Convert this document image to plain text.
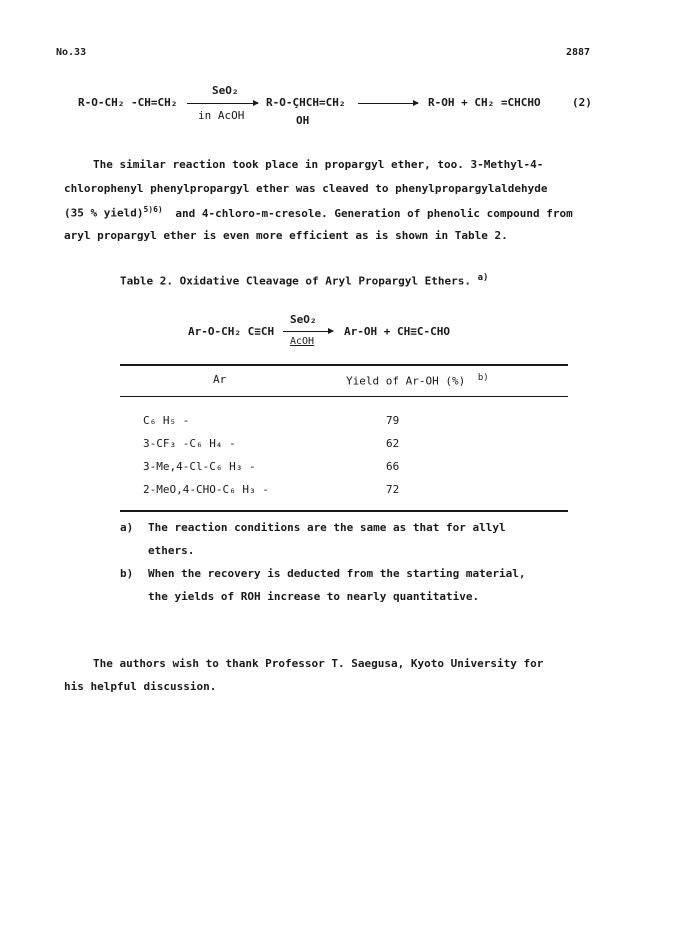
No.33	2887
R-O-CH₂ -CH=CH₂
SeO₂
in AcOH
R-O-ÇHCH=CH₂
OH
R-OH + CH₂ =CHCHO	(2)
The similar reaction took place in propargyl ether, too. 3-Methyl-4-
chlorophenyl phenylpropargyl ether was cleaved to phenylpropargylaldehyde
(35 % yield)$^{5)6)}$ and 4-chloro-m-cresole. Generation of phenolic compound from
aryl propargyl ether is even more efficient as is shown in Table 2.
Table 2. Oxidative Cleavage of Aryl Propargyl Ethers. $^{a)}$
Ar-O-CH₂ C≡CH
SeO₂
AcOH
Ar-OH + CH≡C-CHO
Ar	Yield of Ar-OH (%) $^{b)}$
C₆ H₅ -	79
3-CF₃ -C₆ H₄ -	62
3-Me,4-Cl-C₆ H₃ -	66
2-MeO,4-CHO-C₆ H₃ -	72
a) The reaction conditions are the same as that for allyl
ethers.
b) When the recovery is deducted from the starting material,
the yields of ROH increase to nearly quantitative.
The authors wish to thank Professor T. Saegusa, Kyoto University for
his helpful discussion.
